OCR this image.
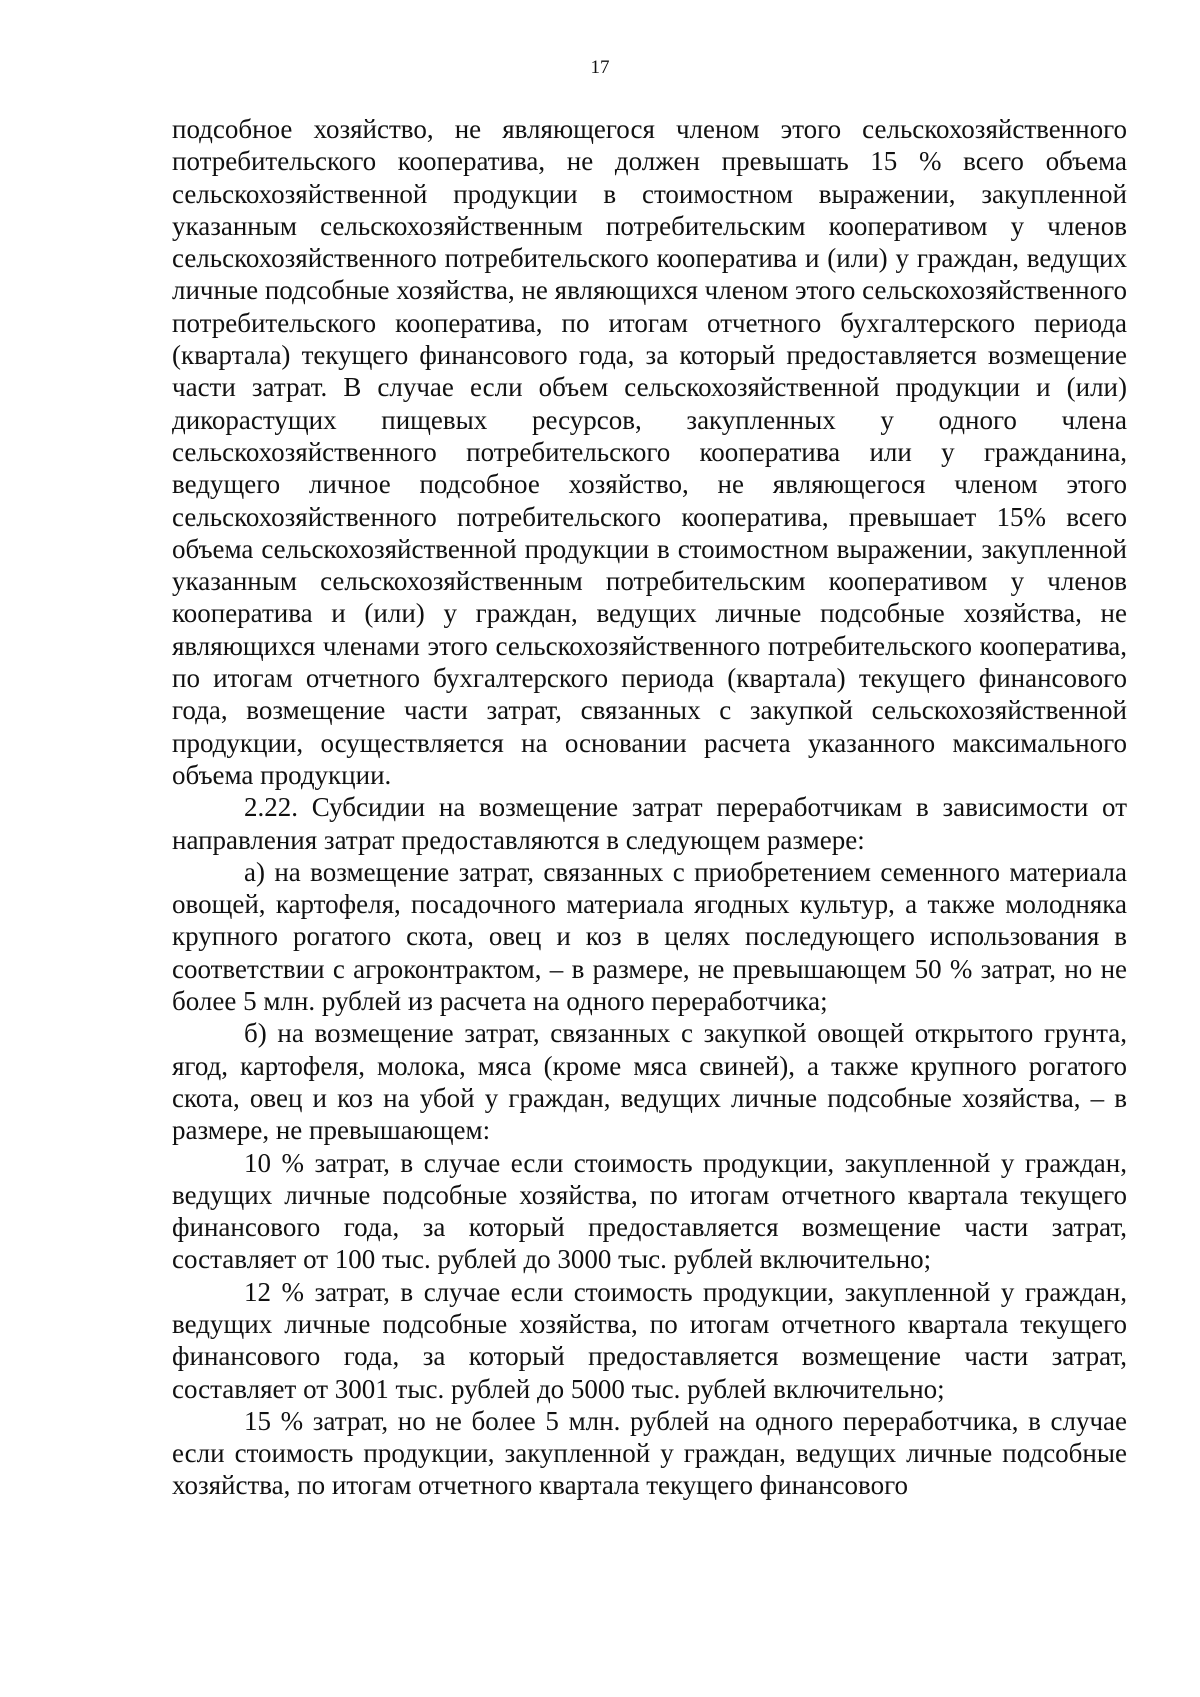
17

подсобное хозяйство, не являющегося членом этого сельскохозяйственного потребительского кооператива, не должен превышать 15 % всего объема сельскохозяйственной продукции в стоимостном выражении, закупленной указанным сельскохозяйственным потребительским кооперативом у членов сельскохозяйственного потребительского кооператива и (или) у граждан, ведущих личные подсобные хозяйства, не являющихся членом этого сельскохозяйственного потребительского кооператива, по итогам отчетного бухгалтерского периода (квартала) текущего финансового года, за который предоставляется возмещение части затрат. В случае если объем сельскохозяйственной продукции и (или) дикорастущих пищевых ресурсов, закупленных у одного члена сельскохозяйственного потребительского кооператива или у гражданина, ведущего личное подсобное хозяйство, не являющегося членом этого сельскохозяйственного потребительского кооператива, превышает 15% всего объема сельскохозяйственной продукции в стоимостном выражении, закупленной указанным сельскохозяйственным потребительским кооперативом у членов кооператива и (или) у граждан, ведущих личные подсобные хозяйства, не являющихся членами этого сельскохозяйственного потребительского кооператива, по итогам отчетного бухгалтерского периода (квартала) текущего финансового года, возмещение части затрат, связанных с закупкой сельскохозяйственной продукции, осуществляется на основании расчета указанного максимального объема продукции.

2.22. Субсидии на возмещение затрат переработчикам в зависимости от направления затрат предоставляются в следующем размере:

а) на возмещение затрат, связанных с приобретением семенного материала овощей, картофеля, посадочного материала ягодных культур, а также молодняка крупного рогатого скота, овец и коз в целях последующего использования в соответствии с агроконтрактом, – в размере, не превышающем 50 % затрат, но не более 5 млн. рублей из расчета на одного переработчика;

б) на возмещение затрат, связанных с закупкой овощей открытого грунта, ягод, картофеля, молока, мяса (кроме мяса свиней), а также крупного рогатого скота, овец и коз на убой у граждан, ведущих личные подсобные хозяйства, – в размере, не превышающем:

10 % затрат, в случае если стоимость продукции, закупленной у граждан, ведущих личные подсобные хозяйства, по итогам отчетного квартала текущего финансового года, за который предоставляется возмещение части затрат, составляет от 100 тыс. рублей до 3000 тыс. рублей включительно;

12 % затрат, в случае если стоимость продукции, закупленной у граждан, ведущих личные подсобные хозяйства, по итогам отчетного квартала текущего финансового года, за который предоставляется возмещение части затрат, составляет от 3001 тыс. рублей до 5000 тыс. рублей включительно;

15 % затрат, но не более 5 млн. рублей на одного переработчика, в случае если стоимость продукции, закупленной у граждан, ведущих личные подсобные хозяйства, по итогам отчетного квартала текущего финансового
